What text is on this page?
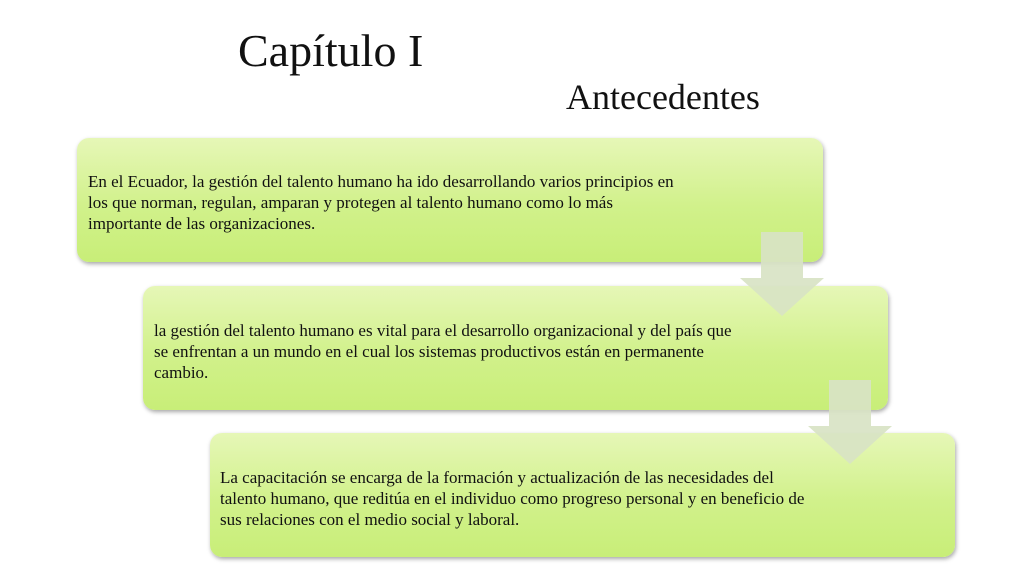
Capítulo I
Antecedentes
En el Ecuador, la gestión del talento humano ha ido desarrollando varios principios en los que norman, regulan, amparan y protegen al talento humano como lo más importante de las organizaciones.
la gestión del talento humano es vital para el desarrollo organizacional y del país que se enfrentan a un mundo en el cual los sistemas productivos están en permanente cambio.
La capacitación se encarga de la formación y actualización de las necesidades del talento humano, que reditúa en el individuo como progreso personal y en beneficio de sus relaciones con el medio social y laboral.
